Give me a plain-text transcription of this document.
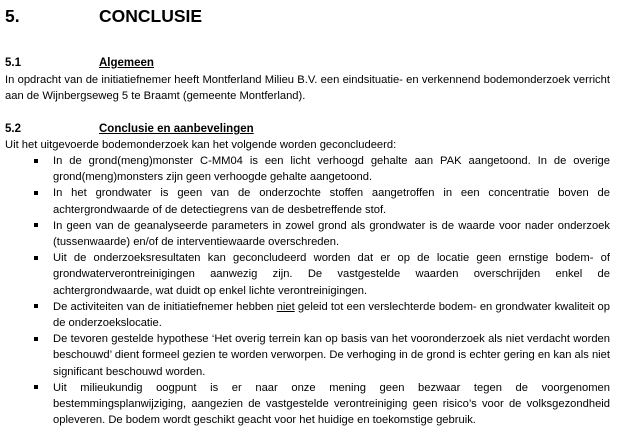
5.	CONCLUSIE
5.1	Algemeen
In opdracht van de initiatiefnemer heeft Montferland Milieu B.V. een eindsituatie- en verkennend bodemonderzoek verricht aan de Wijnbergseweg 5 te Braamt (gemeente Montferland).
5.2	Conclusie en aanbevelingen
Uit het uitgevoerde bodemonderzoek kan het volgende worden geconcludeerd:
In de grond(meng)monster C-MM04 is een licht verhoogd gehalte aan PAK aangetoond. In de overige grond(meng)monsters zijn geen verhoogde gehalte aangetoond.
In het grondwater is geen van de onderzochte stoffen aangetroffen in een concentratie boven de achtergrondwaarde of de detectiegrens van de desbetreffende stof.
In geen van de geanalyseerde parameters in zowel grond als grondwater is de waarde voor nader onderzoek (tussenwaarde) en/of de interventiewaarde overschreden.
Uit de onderzoeksresultaten kan geconcludeerd worden dat er op de locatie geen ernstige bodem- of grondwaterverontreinigingen aanwezig zijn. De vastgestelde waarden overschrijden enkel de achtergrondwaarde, wat duidt op enkel lichte verontreinigingen.
De activiteiten van de initiatiefnemer hebben niet geleid tot een verslechterde bodem- en grondwater kwaliteit op de onderzoekslocatie.
De tevoren gestelde hypothese ‘Het overig terrein kan op basis van het vooronderzoek als niet verdacht worden beschouwd’ dient formeel gezien te worden verworpen. De verhoging in de grond is echter gering en kan als niet significant beschouwd worden.
Uit milieukundig oogpunt is er naar onze mening geen bezwaar tegen de voorgenomen bestemmingsplanwijziging, aangezien de vastgestelde verontreiniging geen risico’s voor de volksgezondheid opleveren. De bodem wordt geschikt geacht voor het huidige en toekomstige gebruik.
